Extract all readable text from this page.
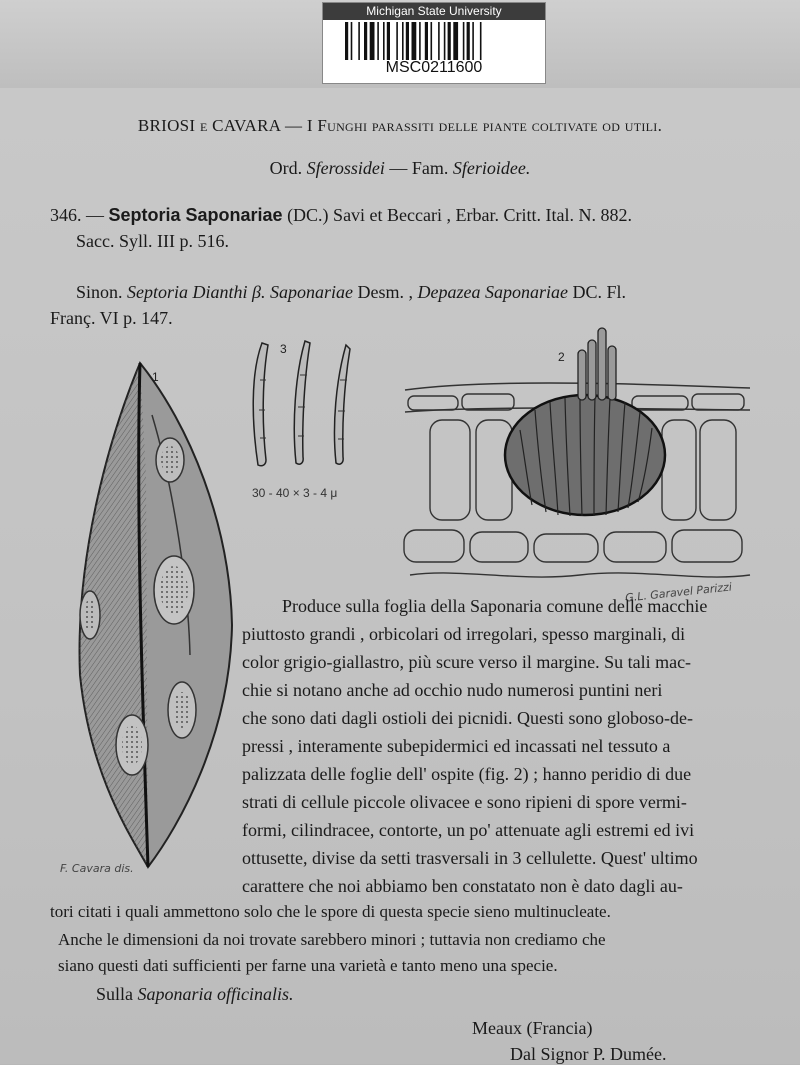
Michigan State University
MSC0211600
BRIOSI e CAVARA — I Funghi parassiti delle piante coltivate od utili.
Ord. Sferossidei — Fam. Sferioidee.
346. — Septoria Saponariae (DC.) Savi et Beccari , Erbar. Critt. Ital. N. 882.
Sacc. Syll. III p. 516.
Sinon. Septoria Dianthi β. Saponariae Desm. , Depazea Saponariae DC. Fl.
Franç. VI p. 147.
1
F. Cavara dis.
3
30 - 40 × 3 - 4 μ
2
G.L. Garavel Parizzi
Produce sulla foglia della Saponaria comune delle macchie
piuttosto grandi , orbicolari od irregolari, spesso marginali, di
color grigio-giallastro, più scure verso il margine. Su tali mac-
chie si notano anche ad occhio nudo numerosi puntini neri
che sono dati dagli ostioli dei picnidi. Questi sono globoso-de-
pressi , interamente subepidermici ed incassati nel tessuto a
palizzata delle foglie dell' ospite (fig. 2) ; hanno peridio di due
strati di cellule piccole olivacee e sono ripieni di spore vermi-
formi, cilindracee, contorte, un po' attenuate agli estremi ed ivi
ottusette, divise da setti trasversali in 3 cellulette. Quest' ultimo
carattere che noi abbiamo ben constatato non è dato dagli au-
tori citati i quali ammettono solo che le spore di questa specie sieno multinucleate.
Anche le dimensioni da noi trovate sarebbero minori ; tuttavia non crediamo che
siano questi dati sufficienti per farne una varietà e tanto meno una specie.
Sulla Saponaria officinalis.
Meaux (Francia)
Dal Signor P. Dumée.
